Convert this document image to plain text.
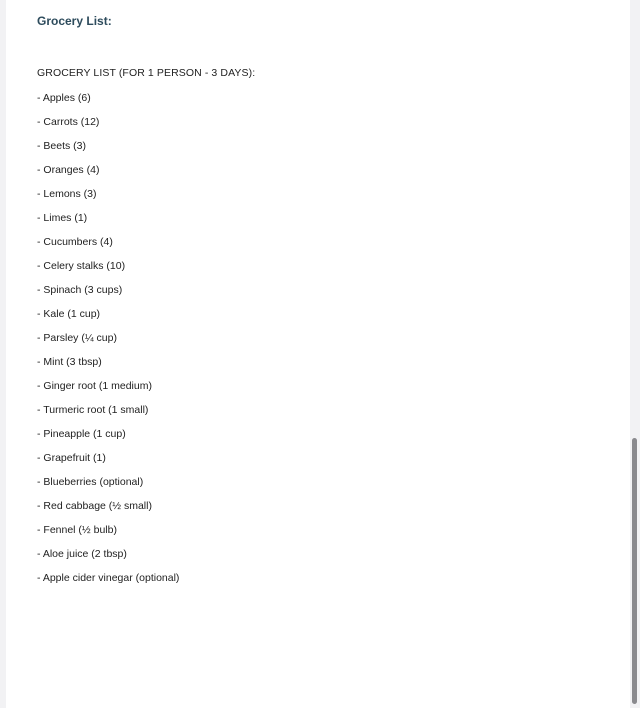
Grocery List:

GROCERY LIST (FOR 1 PERSON - 3 DAYS):

- Apples (6)
- Carrots (12)
- Beets (3)
- Oranges (4)
- Lemons (3)
- Limes (1)
- Cucumbers (4)
- Celery stalks (10)
- Spinach (3 cups)
- Kale (1 cup)
- Parsley (¼ cup)
- Mint (3 tbsp)
- Ginger root (1 medium)
- Turmeric root (1 small)
- Pineapple (1 cup)
- Grapefruit (1)
- Blueberries (optional)
- Red cabbage (½ small)
- Fennel (½ bulb)
- Aloe juice (2 tbsp)
- Apple cider vinegar (optional)
